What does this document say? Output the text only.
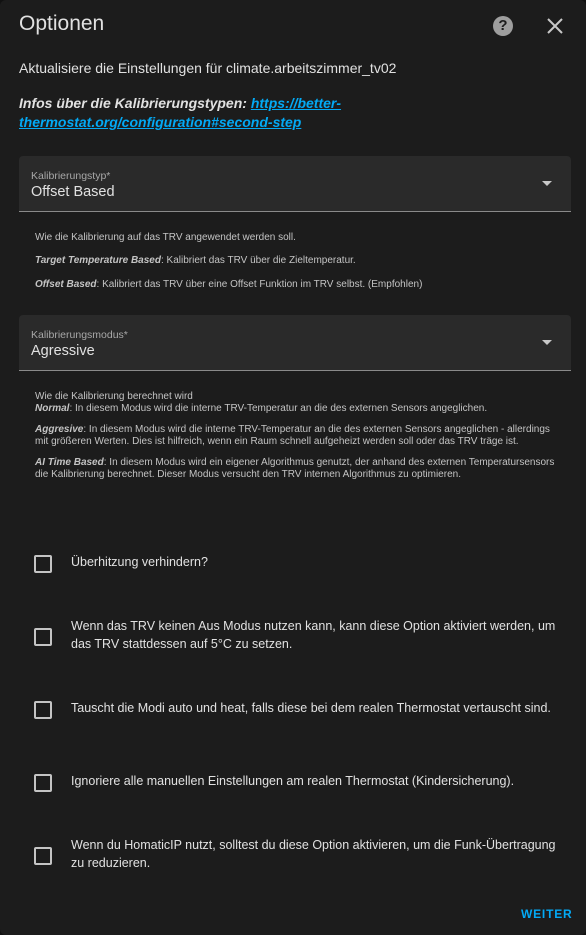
Optionen	?
Aktualisiere die Einstellungen für climate.arbeitszimmer_tv02
Infos über die Kalibrierungstypen: https://better-thermostat.org/configuration#second-step
Kalibrierungstyp*
Offset Based
Wie die Kalibrierung auf das TRV angewendet werden soll.
Target Temperature Based: Kalibriert das TRV über die Zieltemperatur.
Offset Based: Kalibriert das TRV über eine Offset Funktion im TRV selbst. (Empfohlen)
Kalibrierungsmodus*
Agressive
Wie die Kalibrierung berechnet wird
Normal: In diesem Modus wird die interne TRV-Temperatur an die des externen Sensors angeglichen.
Aggresive: In diesem Modus wird die interne TRV-Temperatur an die des externen Sensors angeglichen - allerdings mit größeren Werten. Dies ist hilfreich, wenn ein Raum schnell aufgeheizt werden soll oder das TRV träge ist.
AI Time Based: In diesem Modus wird ein eigener Algorithmus genutzt, der anhand des externen Temperatursensors die Kalibrierung berechnet. Dieser Modus versucht den TRV internen Algorithmus zu optimieren.
Überhitzung verhindern?
Wenn das TRV keinen Aus Modus nutzen kann, kann diese Option aktiviert werden, um das TRV stattdessen auf 5°C zu setzen.
Tauscht die Modi auto und heat, falls diese bei dem realen Thermostat vertauscht sind.
Ignoriere alle manuellen Einstellungen am realen Thermostat (Kindersicherung).
Wenn du HomaticIP nutzt, solltest du diese Option aktivieren, um die Funk-Übertragung zu reduzieren.
WEITER
